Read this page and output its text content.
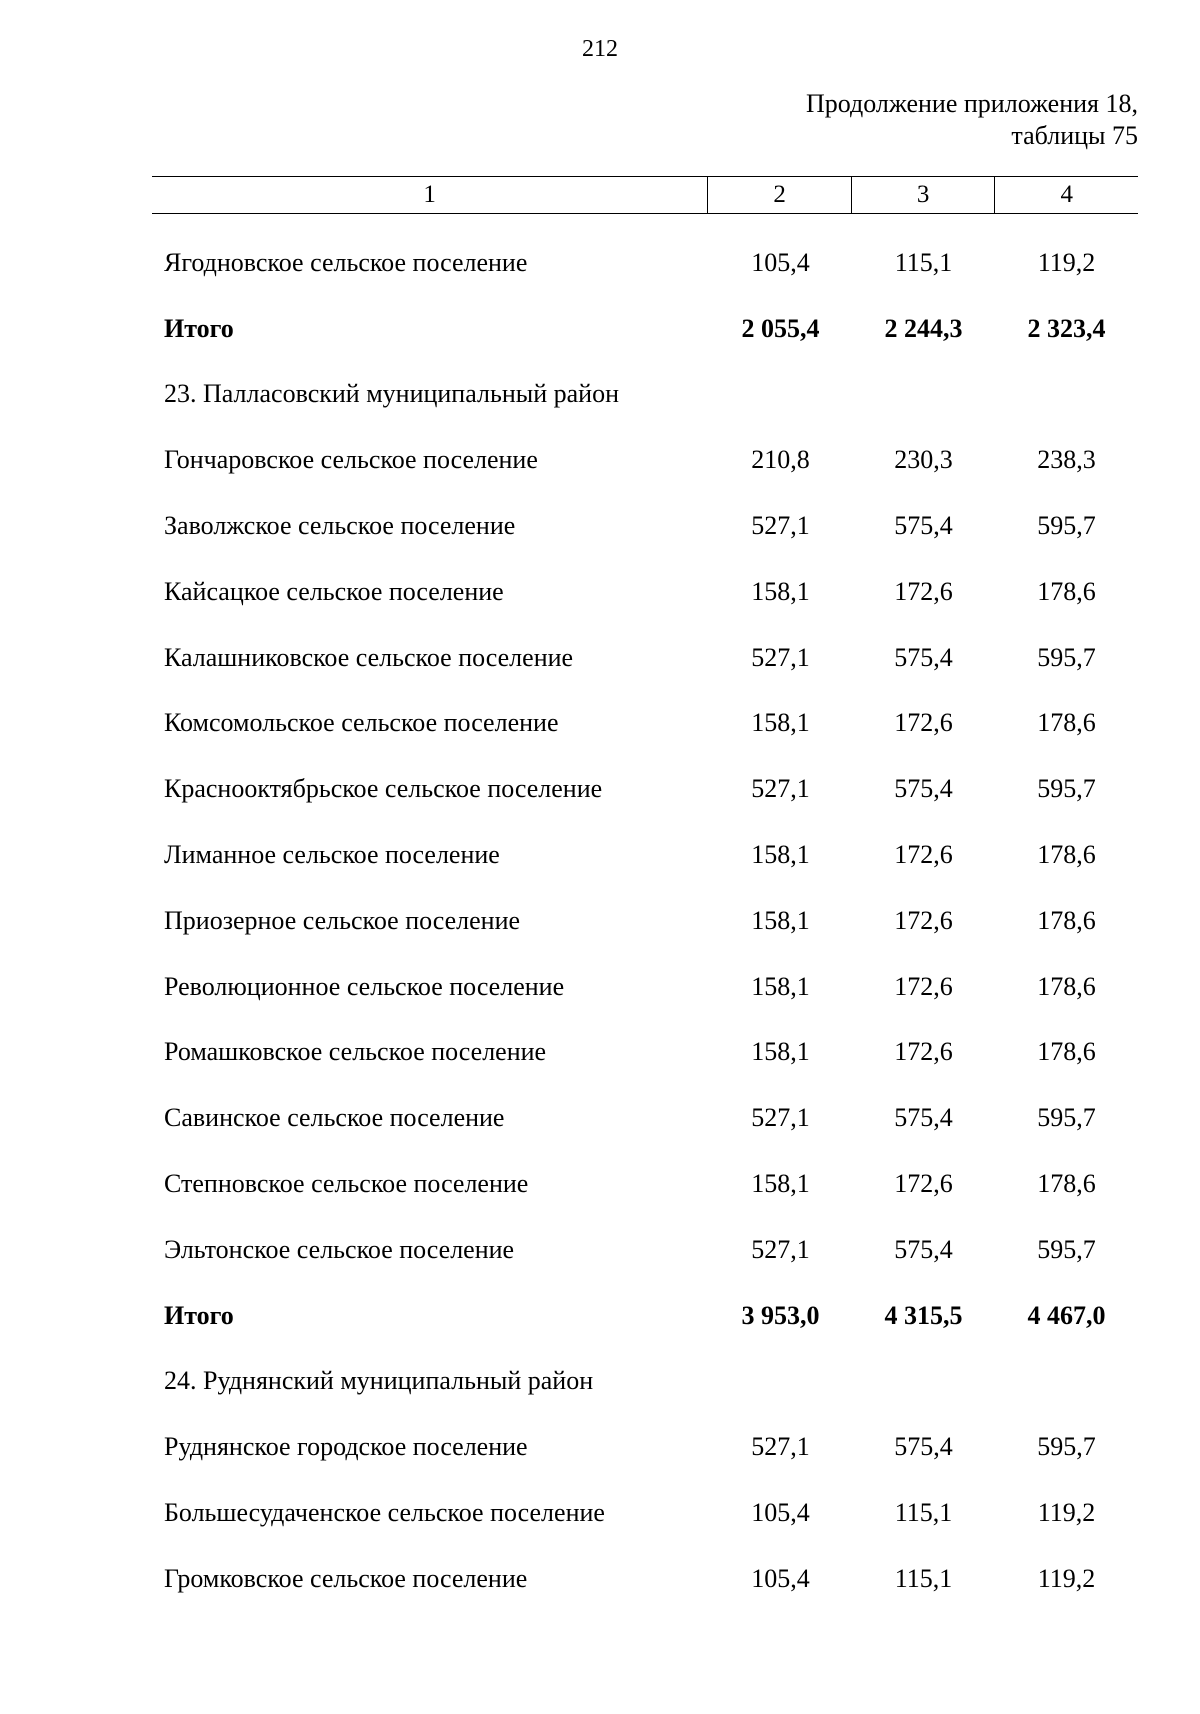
212
Продолжение приложения 18,
таблицы 75
1	2	3	4
Ягодновское сельское поселение	105,4	115,1	119,2
Итого	2 055,4	2 244,3	2 323,4
23. Палласовский муниципальный район
Гончаровское сельское поселение	210,8	230,3	238,3
Заволжское сельское поселение	527,1	575,4	595,7
Кайсацкое сельское поселение	158,1	172,6	178,6
Калашниковское сельское поселение	527,1	575,4	595,7
Комсомольское сельское поселение	158,1	172,6	178,6
Краснооктябрьское сельское поселение	527,1	575,4	595,7
Лиманное сельское поселение	158,1	172,6	178,6
Приозерное сельское поселение	158,1	172,6	178,6
Революционное сельское поселение	158,1	172,6	178,6
Ромашковское сельское поселение	158,1	172,6	178,6
Савинское сельское поселение	527,1	575,4	595,7
Степновское сельское поселение	158,1	172,6	178,6
Эльтонское сельское поселение	527,1	575,4	595,7
Итого	3 953,0	4 315,5	4 467,0
24. Руднянский муниципальный район
Руднянское городское поселение	527,1	575,4	595,7
Большесудаченское сельское поселение	105,4	115,1	119,2
Громковское сельское поселение	105,4	115,1	119,2
